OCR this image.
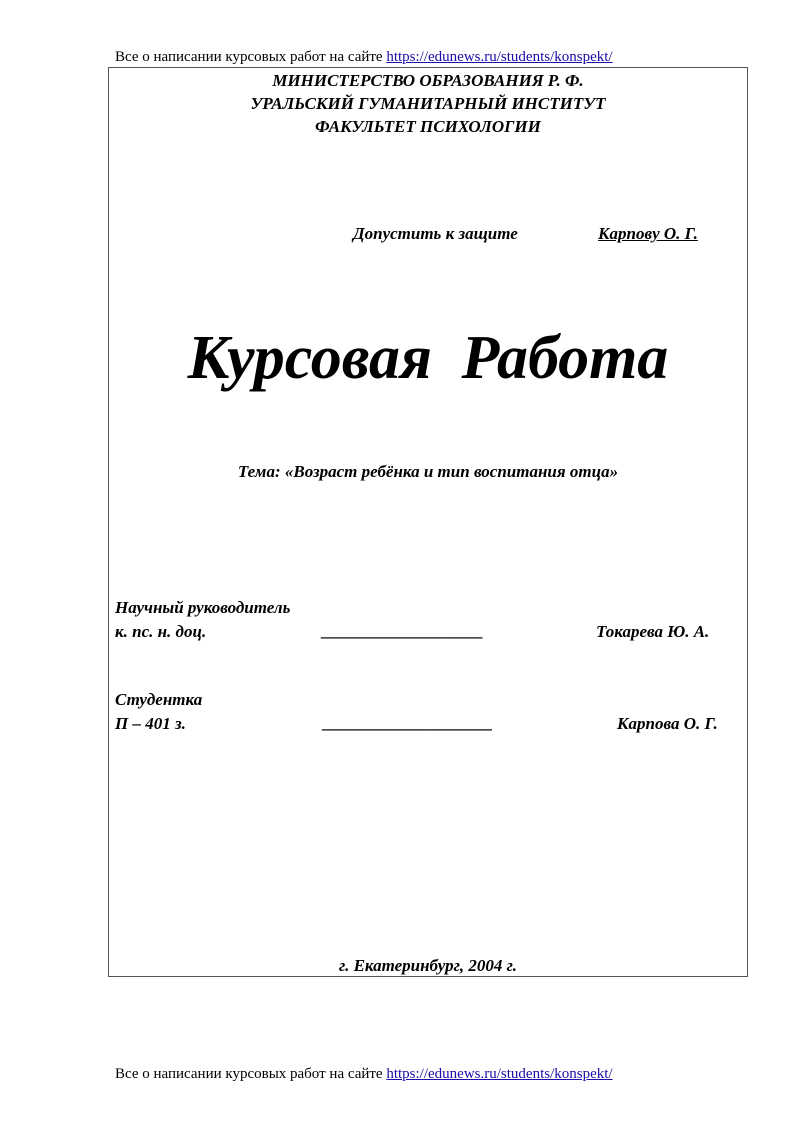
Все о написании курсовых работ на сайте https://edunews.ru/students/konspekt/
МИНИСТЕРСТВО ОБРАЗОВАНИЯ Р. Ф.
УРАЛЬСКИЙ ГУМАНИТАРНЫЙ ИНСТИТУТ
ФАКУЛЬТЕТ ПСИХОЛОГИИ
Допустить к защите	Карпову О. Г.
Курсовая Работа
Тема: «Возраст ребёнка и тип воспитания отца»
Научный руководитель
к. пс. н. доц.	___________________	Токарева Ю. А.
Студентка
П – 401 з.	____________________	Карпова О. Г.
г. Екатеринбург, 2004 г.
Все о написании курсовых работ на сайте https://edunews.ru/students/konspekt/
